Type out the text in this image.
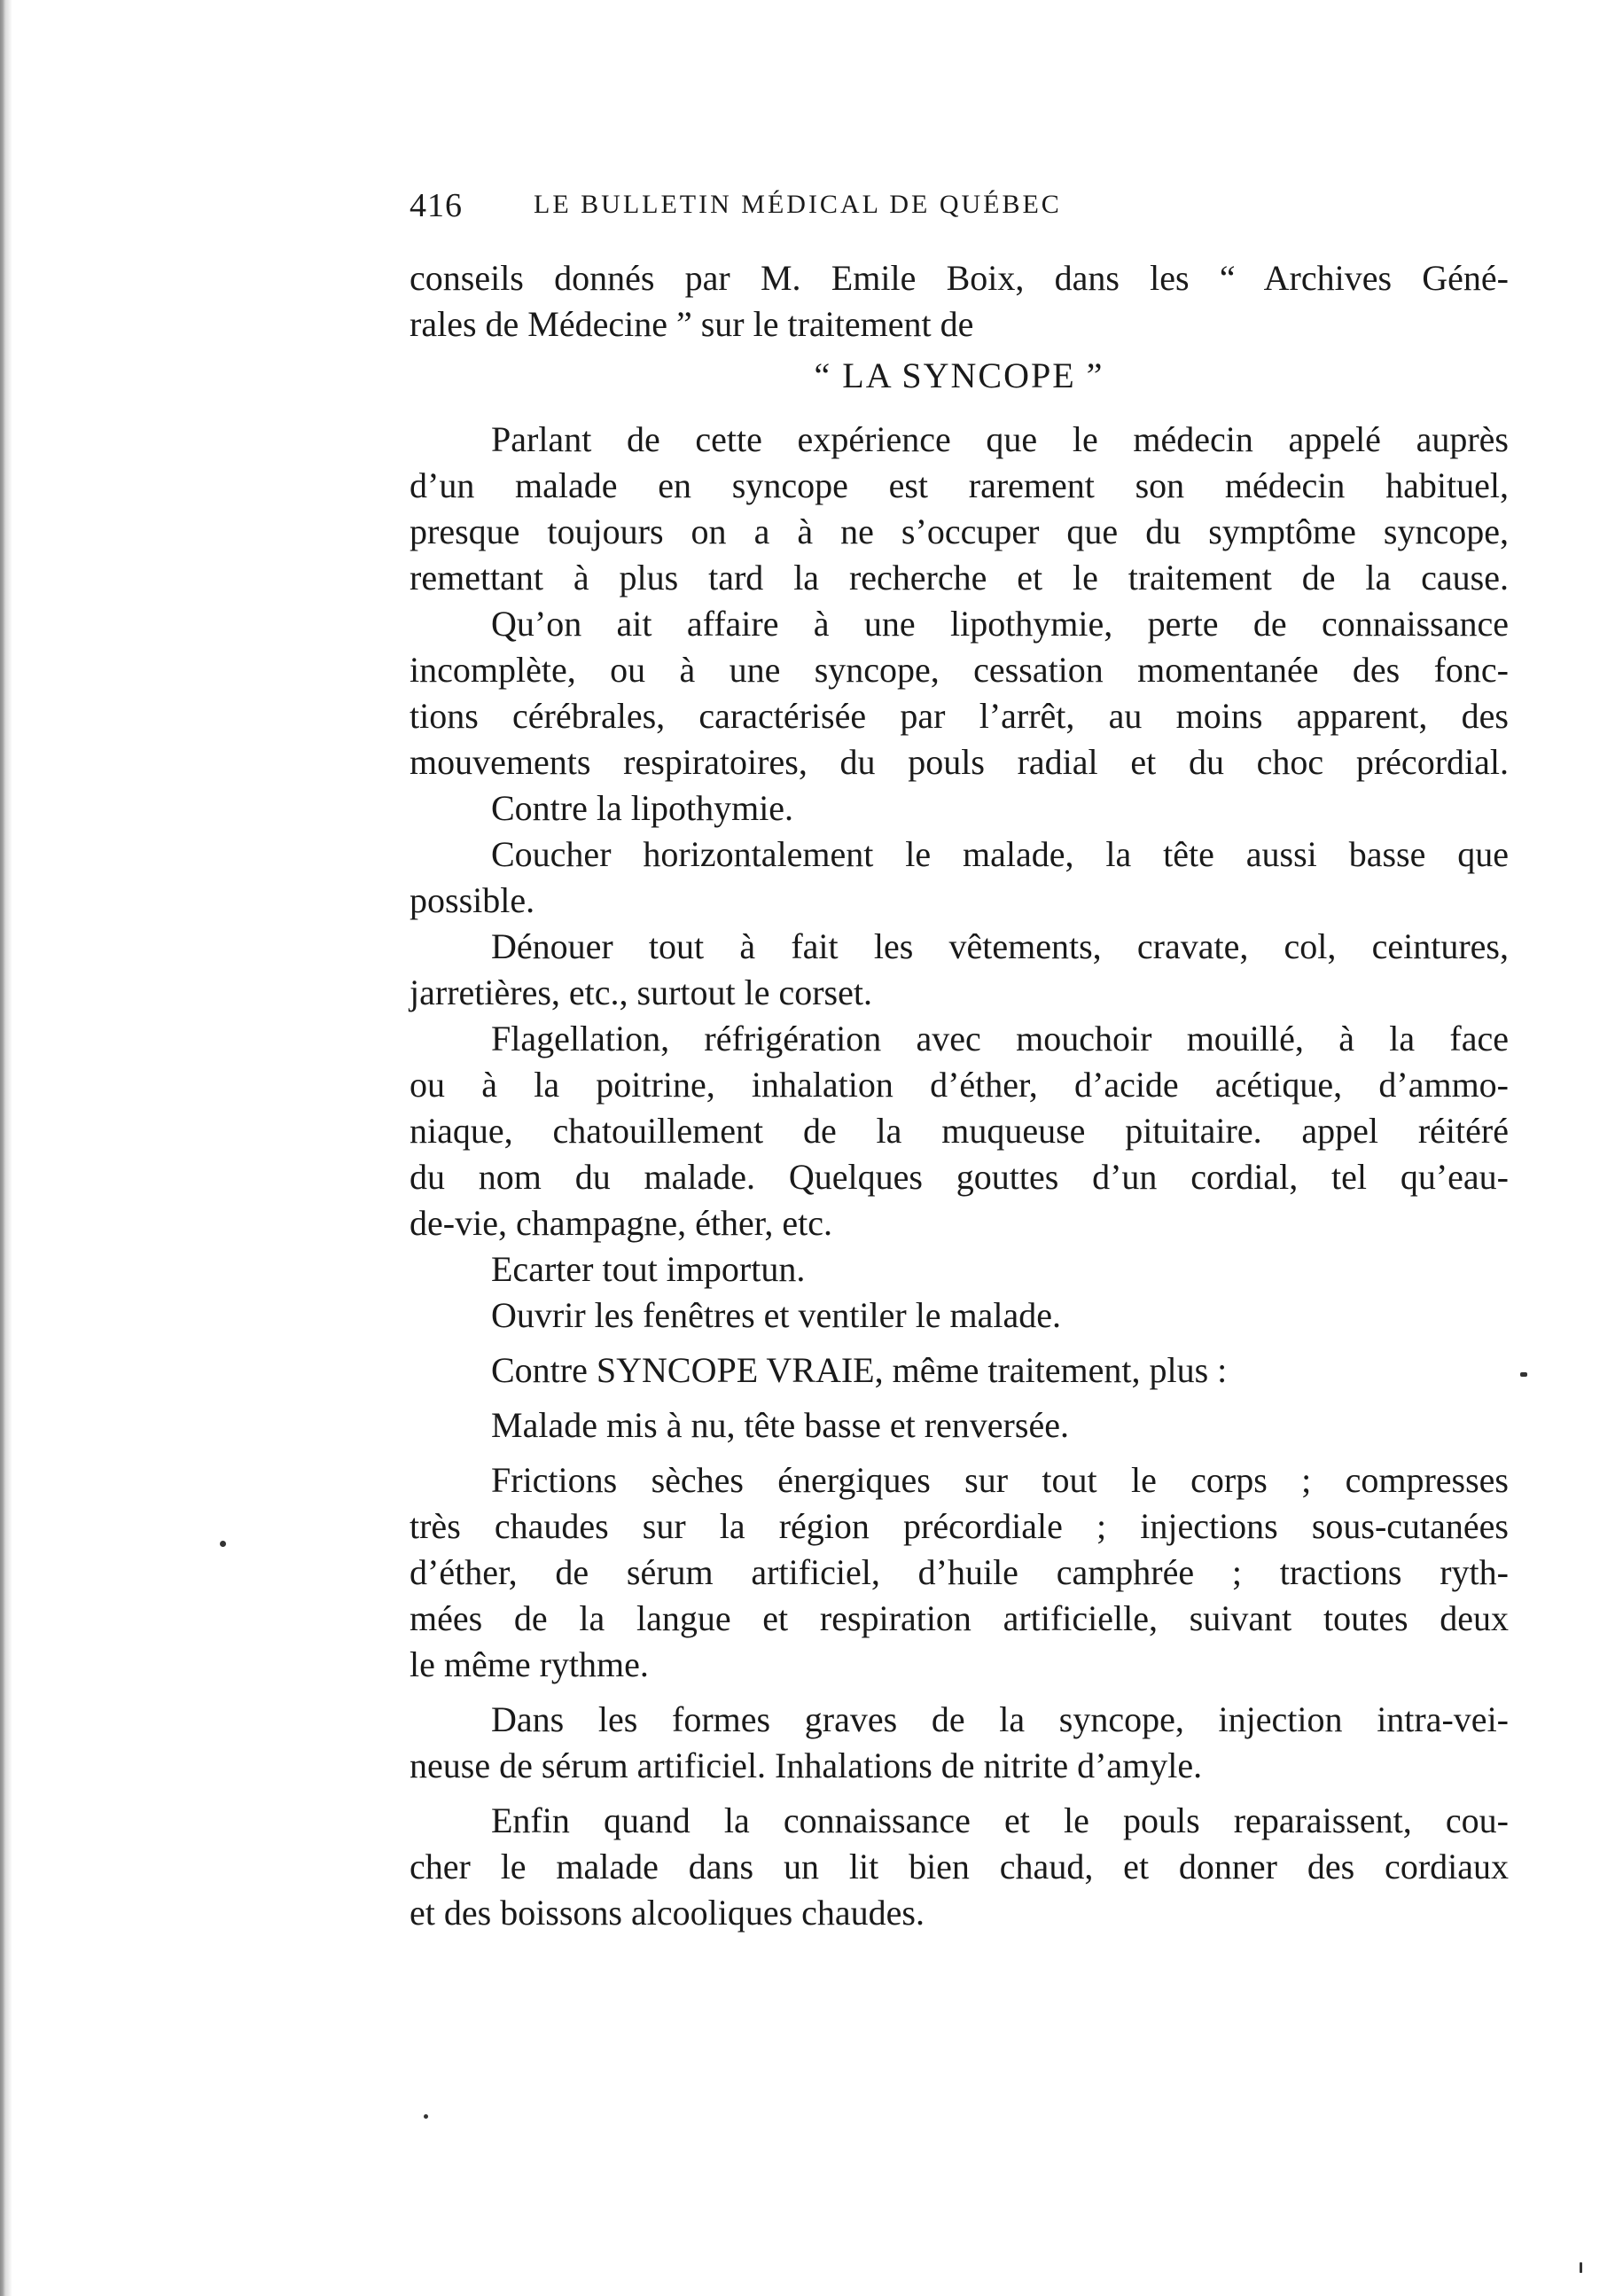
416	LE BULLETIN MÉDICAL DE QUÉBEC
conseils donnés par M. Emile Boix, dans les “ Archives Géné-
rales de Médecine ” sur le traitement de
“ LA SYNCOPE ”
Parlant de cette expérience que le médecin appelé auprès
d’un malade en syncope est rarement son médecin habituel,
presque toujours on a à ne s’occuper que du symptôme syncope,
remettant à plus tard la recherche et le traitement de la cause.
Qu’on ait affaire à une lipothymie, perte de connaissance
incomplète, ou à une syncope, cessation momentanée des fonc-
tions cérébrales, caractérisée par l’arrêt, au moins apparent, des
mouvements respiratoires, du pouls radial et du choc précordial.
Contre la lipothymie.
Coucher horizontalement le malade, la tête aussi basse que
possible.
Dénouer tout à fait les vêtements, cravate, col, ceintures,
jarretières, etc., surtout le corset.
Flagellation, réfrigération avec mouchoir mouillé, à la face
ou à la poitrine, inhalation d’éther, d’acide acétique, d’ammo-
niaque, chatouillement de la muqueuse pituitaire. appel réitéré
du nom du malade. Quelques gouttes d’un cordial, tel qu’eau-
de-vie, champagne, éther, etc.
Ecarter tout importun.
Ouvrir les fenêtres et ventiler le malade.
Contre SYNCOPE VRAIE, même traitement, plus :
Malade mis à nu, tête basse et renversée.
Frictions sèches énergiques sur tout le corps ; compresses
très chaudes sur la région précordiale ; injections sous-cutanées
d’éther, de sérum artificiel, d’huile camphrée ; tractions ryth-
mées de la langue et respiration artificielle, suivant toutes deux
le même rythme.
Dans les formes graves de la syncope, injection intra-vei-
neuse de sérum artificiel. Inhalations de nitrite d’amyle.
Enfin quand la connaissance et le pouls reparaissent, cou-
cher le malade dans un lit bien chaud, et donner des cordiaux
et des boissons alcooliques chaudes.
